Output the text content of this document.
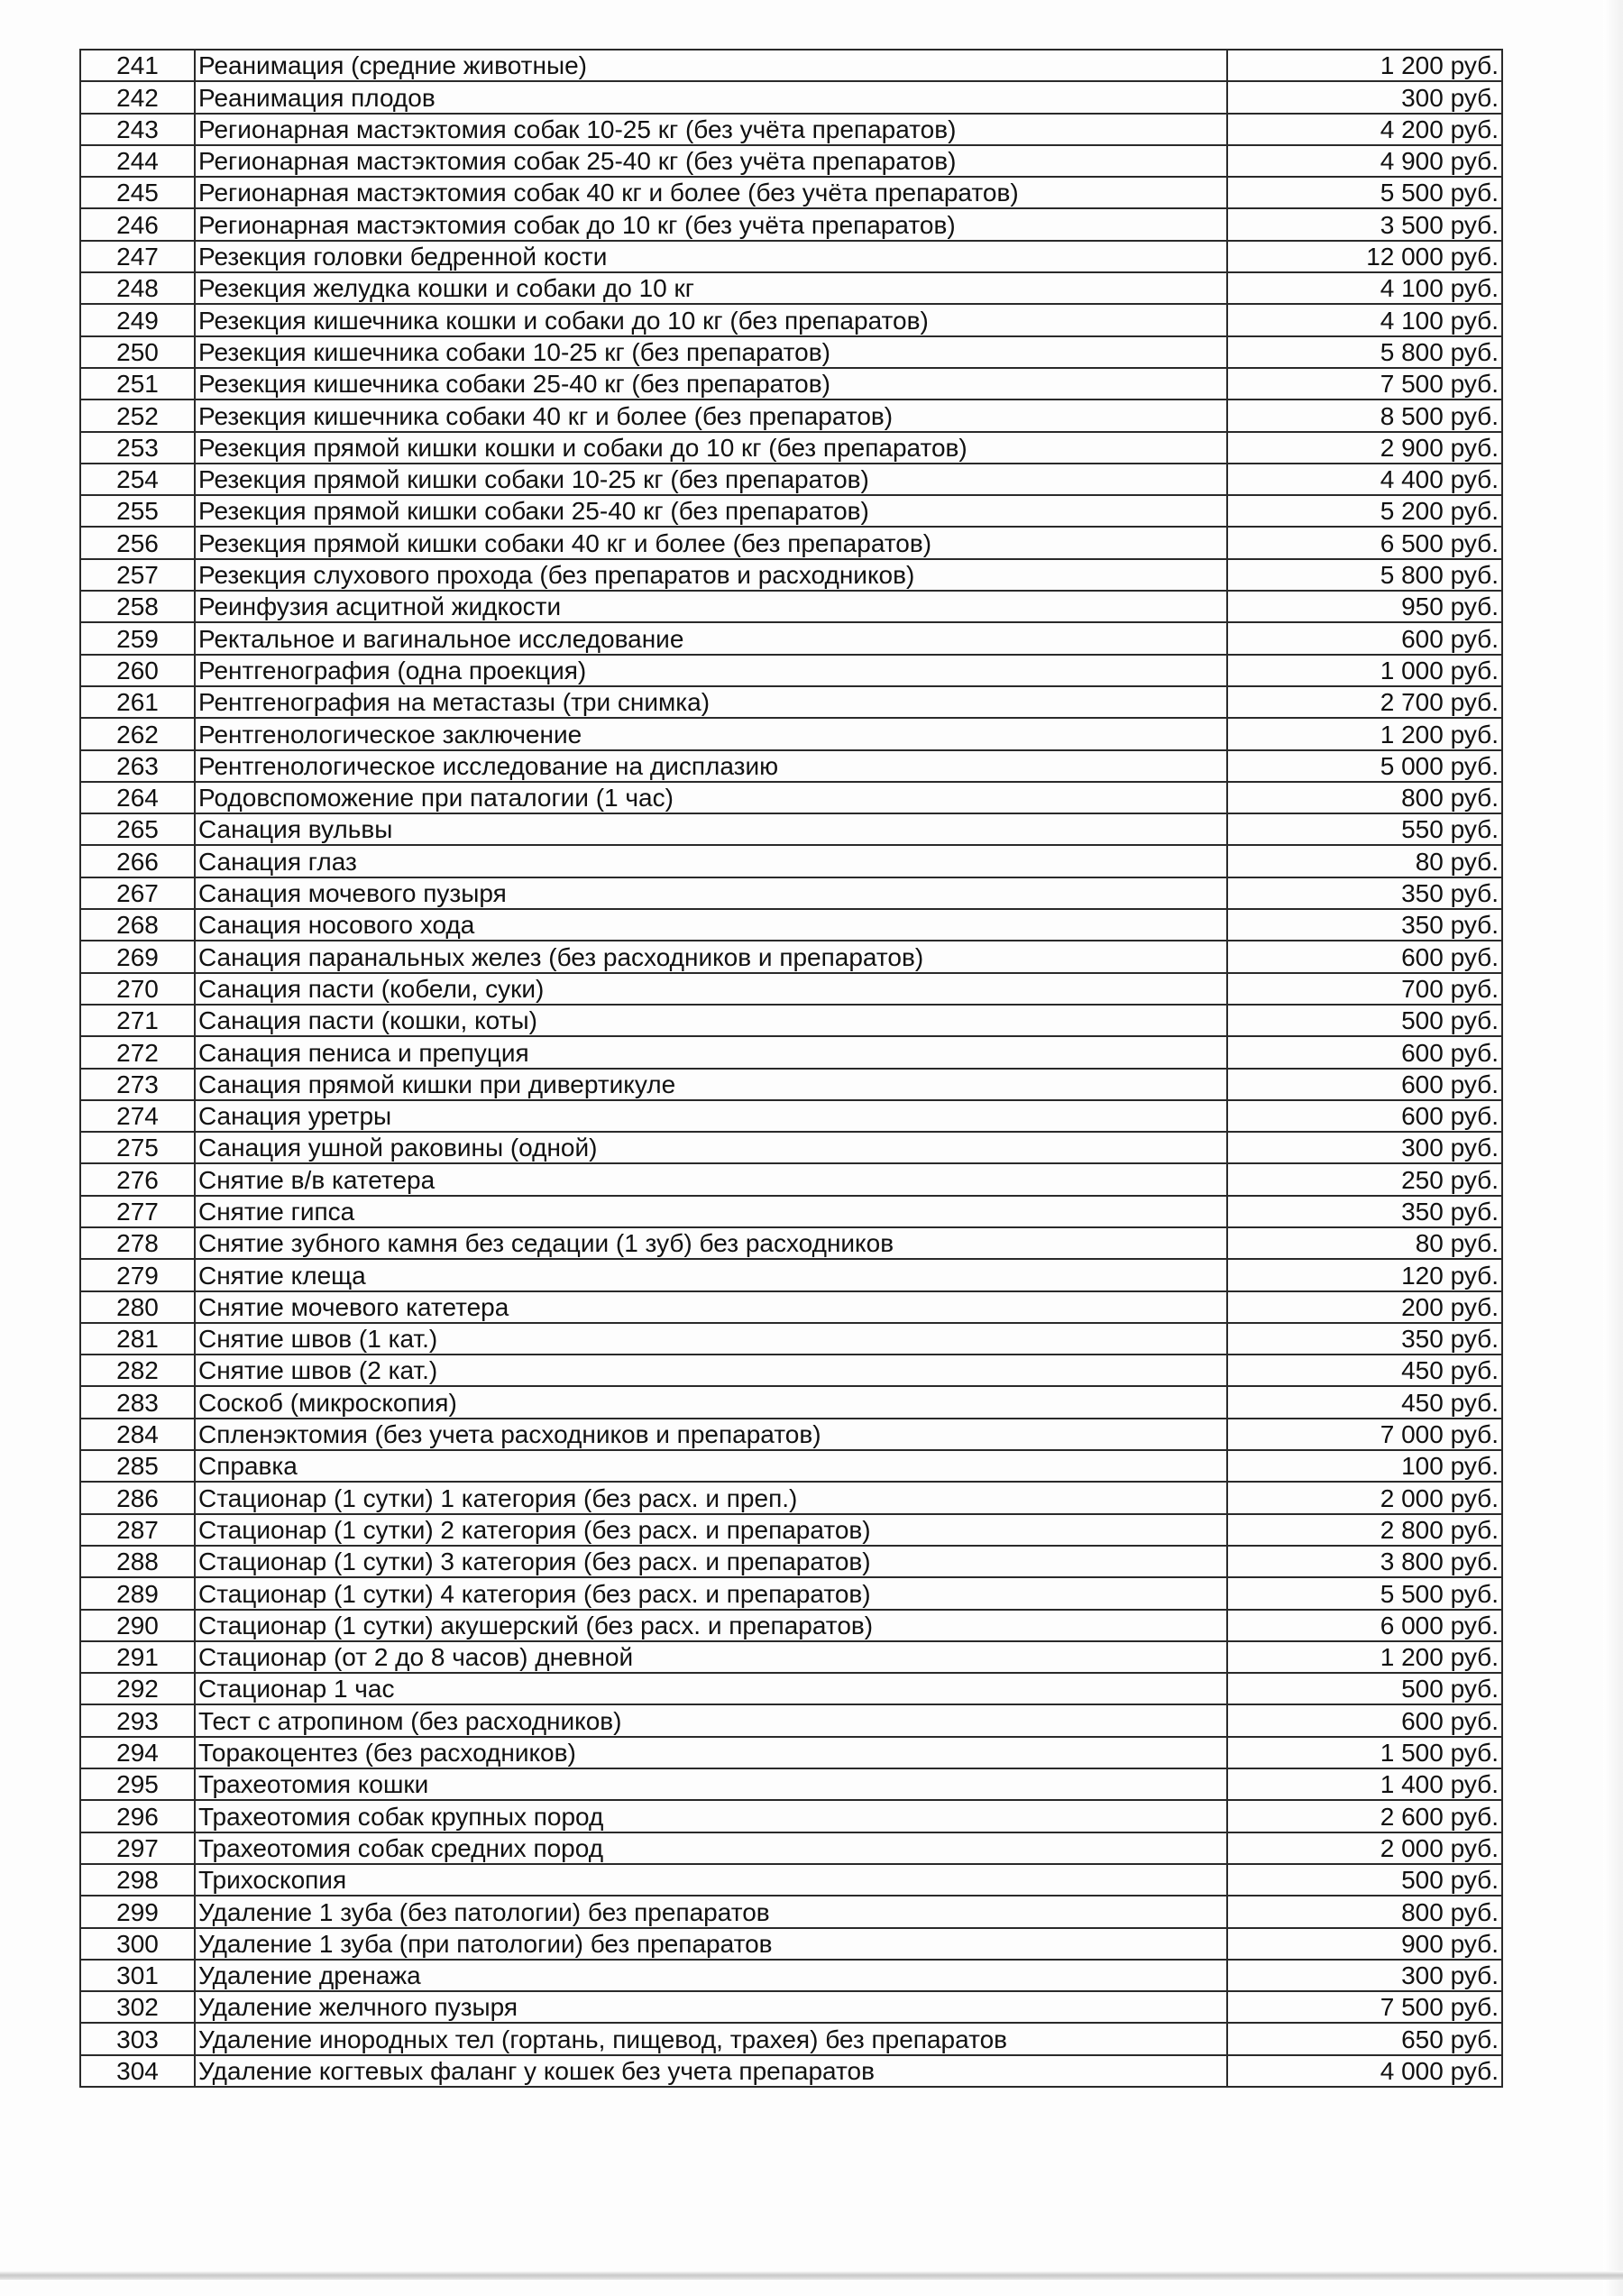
241	Реанимация (средние животные)	1 200 руб.
242	Реанимация плодов	300 руб.
243	Регионарная мастэктомия собак 10-25 кг (без учёта препаратов)	4 200 руб.
244	Регионарная мастэктомия собак 25-40 кг (без учёта препаратов)	4 900 руб.
245	Регионарная мастэктомия собак 40 кг и более (без учёта препаратов)	5 500 руб.
246	Регионарная мастэктомия собак до 10 кг (без учёта препаратов)	3 500 руб.
247	Резекция головки бедренной кости	12 000 руб.
248	Резекция желудка кошки и собаки до 10 кг	4 100 руб.
249	Резекция кишечника кошки и собаки до 10 кг (без препаратов)	4 100 руб.
250	Резекция кишечника собаки 10-25 кг (без препаратов)	5 800 руб.
251	Резекция кишечника собаки 25-40 кг (без препаратов)	7 500 руб.
252	Резекция кишечника собаки 40 кг и более (без препаратов)	8 500 руб.
253	Резекция прямой кишки кошки и собаки до 10 кг (без препаратов)	2 900 руб.
254	Резекция прямой кишки собаки 10-25 кг (без препаратов)	4 400 руб.
255	Резекция прямой кишки собаки 25-40 кг (без препаратов)	5 200 руб.
256	Резекция прямой кишки собаки 40 кг и более (без препаратов)	6 500 руб.
257	Резекция слухового прохода (без препаратов и расходников)	5 800 руб.
258	Реинфузия асцитной жидкости	950 руб.
259	Ректальное и вагинальное исследование	600 руб.
260	Рентгенография (одна проекция)	1 000 руб.
261	Рентгенография на метастазы (три снимка)	2 700 руб.
262	Рентгенологическое заключение	1 200 руб.
263	Рентгенологическое исследование на дисплазию	5 000 руб.
264	Родовспоможение при паталогии (1 час)	800 руб.
265	Санация вульвы	550 руб.
266	Санация глаз	80 руб.
267	Санация мочевого пузыря	350 руб.
268	Санация носового хода	350 руб.
269	Санация паранальных желез (без расходников и препаратов)	600 руб.
270	Санация пасти (кобели, суки)	700 руб.
271	Санация пасти (кошки, коты)	500 руб.
272	Санация пениса и препуция	600 руб.
273	Санация прямой кишки при дивертикуле	600 руб.
274	Санация уретры	600 руб.
275	Санация ушной раковины (одной)	300 руб.
276	Снятие в/в катетера	250 руб.
277	Снятие гипса	350 руб.
278	Снятие зубного камня без седации (1 зуб) без расходников	80 руб.
279	Снятие клеща	120 руб.
280	Снятие мочевого катетера	200 руб.
281	Снятие швов (1 кат.)	350 руб.
282	Снятие швов (2 кат.)	450 руб.
283	Соскоб (микроскопия)	450 руб.
284	Спленэктомия (без учета расходников и препаратов)	7 000 руб.
285	Справка	100 руб.
286	Стационар (1 сутки) 1 категория (без расх. и преп.)	2 000 руб.
287	Стационар (1 сутки) 2 категория (без расх. и препаратов)	2 800 руб.
288	Стационар (1 сутки) 3 категория (без расх. и препаратов)	3 800 руб.
289	Стационар (1 сутки) 4 категория (без расх. и препаратов)	5 500 руб.
290	Стационар (1 сутки) акушерский (без расх. и препаратов)	6 000 руб.
291	Стационар (от 2 до 8 часов) дневной	1 200 руб.
292	Стационар 1 час	500 руб.
293	Тест с атропином (без расходников)	600 руб.
294	Торакоцентез (без расходников)	1 500 руб.
295	Трахеотомия кошки	1 400 руб.
296	Трахеотомия собак крупных пород	2 600 руб.
297	Трахеотомия собак средних пород	2 000 руб.
298	Трихоскопия	500 руб.
299	Удаление 1 зуба (без патологии) без препаратов	800 руб.
300	Удаление 1 зуба (при патологии) без препаратов	900 руб.
301	Удаление дренажа	300 руб.
302	Удаление желчного пузыря	7 500 руб.
303	Удаление инородных тел (гортань, пищевод, трахея) без препаратов	650 руб.
304	Удаление когтевых фаланг у кошек без учета препаратов	4 000 руб.
